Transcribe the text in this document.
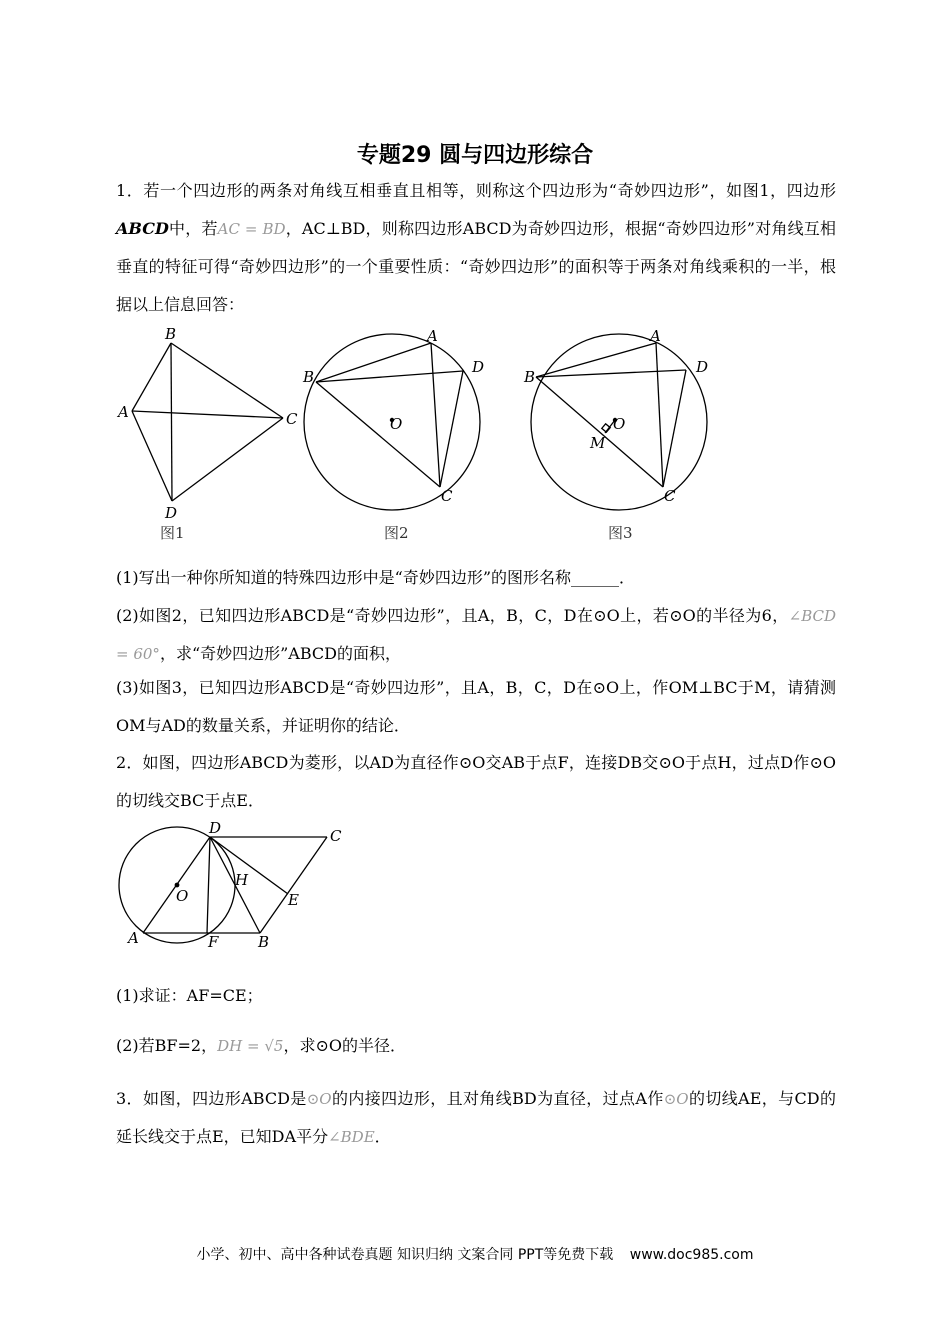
专题29 圆与四边形综合
1．若一个四边形的两条对角线互相垂直且相等，则称这个四边形为“奇妙四边形”，如图1，四边形ABCD中，若AC = BD，AC⊥BD，则称四边形ABCD为奇妙四边形，根据“奇妙四边形”对角线互相垂直的特征可得“奇妙四边形”的一个重要性质：“奇妙四边形”的面积等于两条对角线乘积的一半，根据以上信息回答：
A
B
C
D
图1
A
B
C
D
O
图2
A
B
C
D
O
M
图3
(1)写出一种你所知道的特殊四边形中是“奇妙四边形”的图形名称______．
(2)如图2，已知四边形ABCD是“奇妙四边形”，且A，B，C，D在⊙O上，若⊙O的半径为6，∠BCD = 60°，求“奇妙四边形”ABCD的面积，
(3)如图3，已知四边形ABCD是“奇妙四边形”，且A，B，C，D在⊙O上，作OM⊥BC于M，请猜测OM与AD的数量关系，并证明你的结论．
2．如图，四边形ABCD为菱形，以AD为直径作⊙O交AB于点F，连接DB交⊙O于点H，过点D作⊙O的切线交BC于点E．
A	B
C
D
E
F
H
O
(1)求证：AF=CE；
(2)若BF=2，DH = √5，求⊙O的半径．
3．如图，四边形ABCD是⊙O的内接四边形，且对角线BD为直径，过点A作⊙O的切线AE，与CD的延长线交于点E，已知DA平分∠BDE．
小学、初中、高中各种试卷真题 知识归纳 文案合同 PPT等免费下载 www.doc985.com
